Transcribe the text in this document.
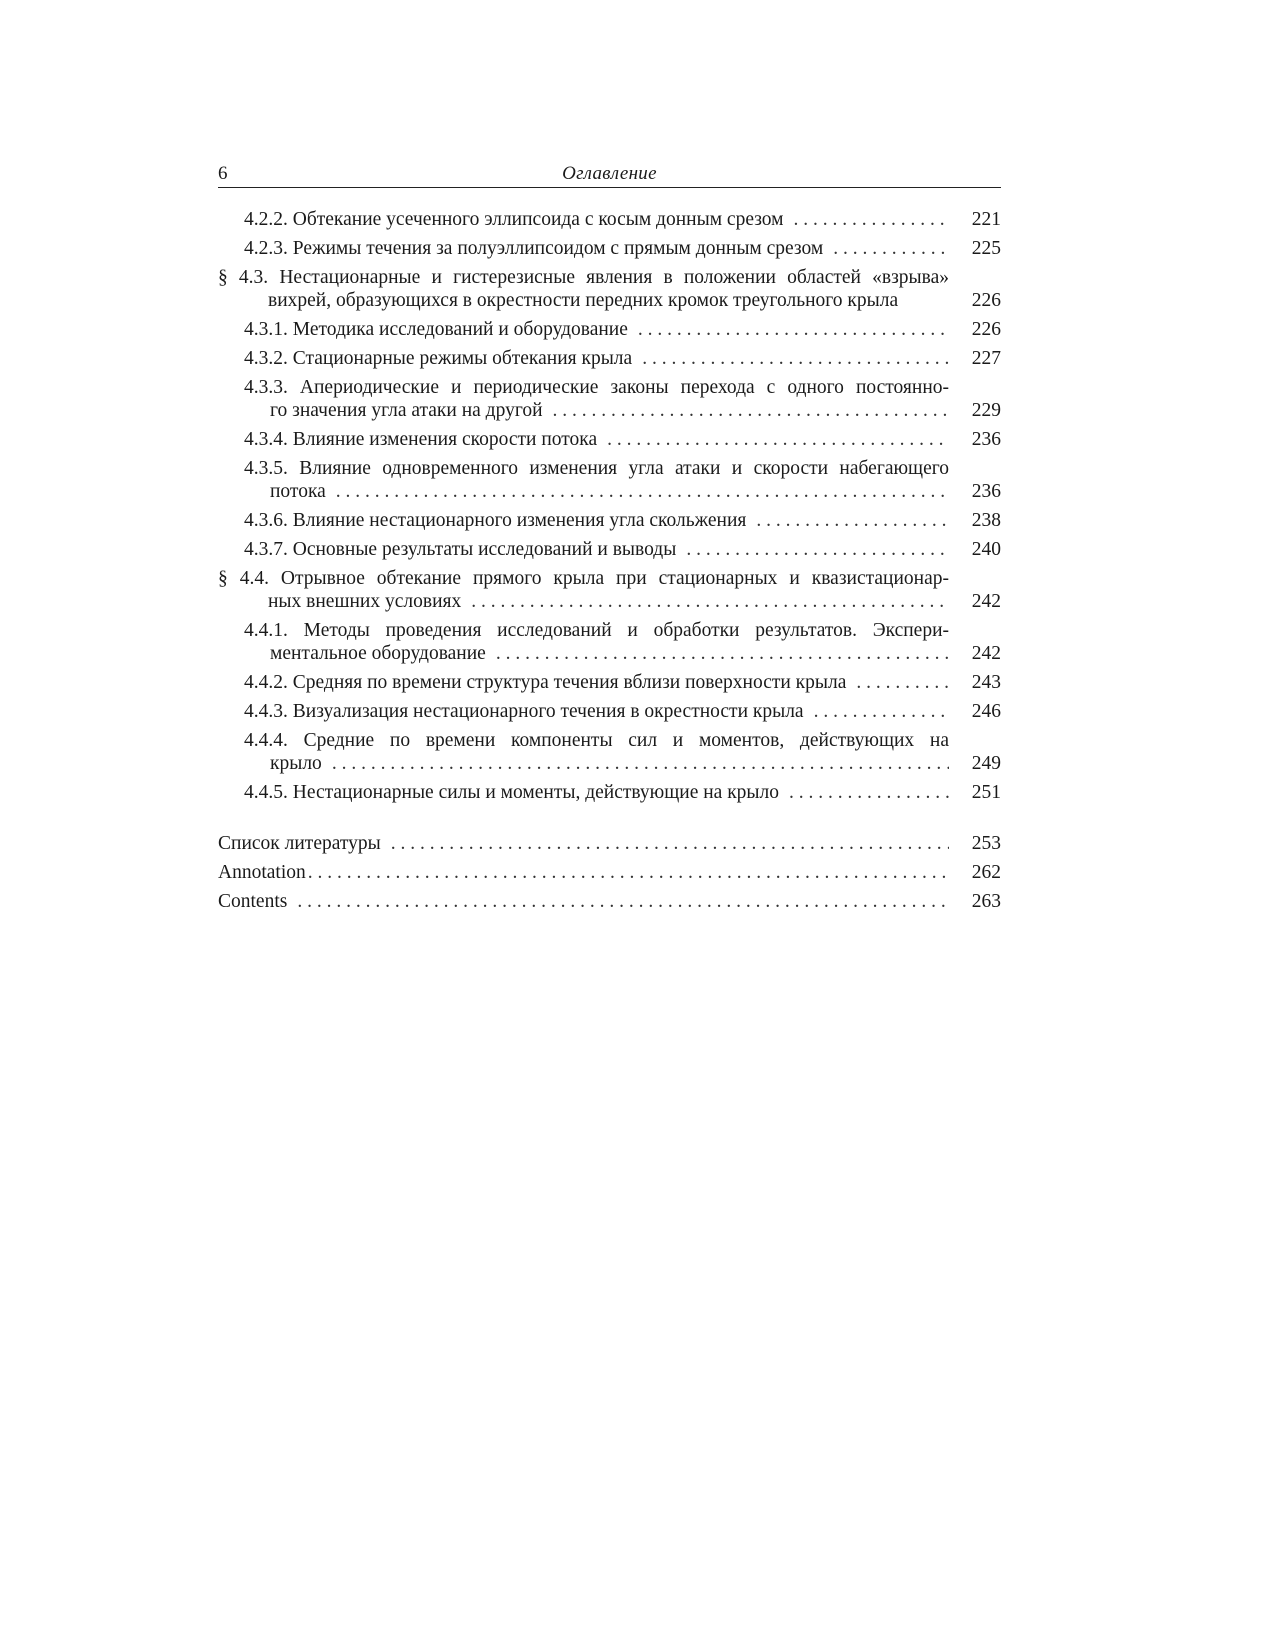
6	Оглавление
4.2.2. Обтекание усеченного эллипсоида с косым донным срезом . . .	221
4.2.3. Режимы течения за полуэллипсоидом с прямым донным срезом . . .	225
§ 4.3. Нестационарные и гистерезисные явления в положении областей «взрыва»
вихрей, образующихся в окрестности передних кромок треугольного крыла	226
4.3.1. Методика исследований и оборудование . . .	226
4.3.2. Стационарные режимы обтекания крыла . . .	227
4.3.3. Апериодические и периодические законы перехода с одного постоянно-
го значения угла атаки на другой . . .	229
4.3.4. Влияние изменения скорости потока . . .	236
4.3.5. Влияние одновременного изменения угла атаки и скорости набегающего
потока . . .	236
4.3.6. Влияние нестационарного изменения угла скольжения . . .	238
4.3.7. Основные результаты исследований и выводы . . .	240
§ 4.4. Отрывное обтекание прямого крыла при стационарных и квазистационар-
ных внешних условиях . . .	242
4.4.1. Методы проведения исследований и обработки результатов. Экспери-
ментальное оборудование . . .	242
4.4.2. Средняя по времени структура течения вблизи поверхности крыла . . .	243
4.4.3. Визуализация нестационарного течения в окрестности крыла . . .	246
4.4.4. Средние по времени компоненты сил и моментов, действующих на
крыло . . .	249
4.4.5. Нестационарные силы и моменты, действующие на крыло . . .	251
Список литературы . . .	253
Annotation . . .	262
Contents . . .	263
